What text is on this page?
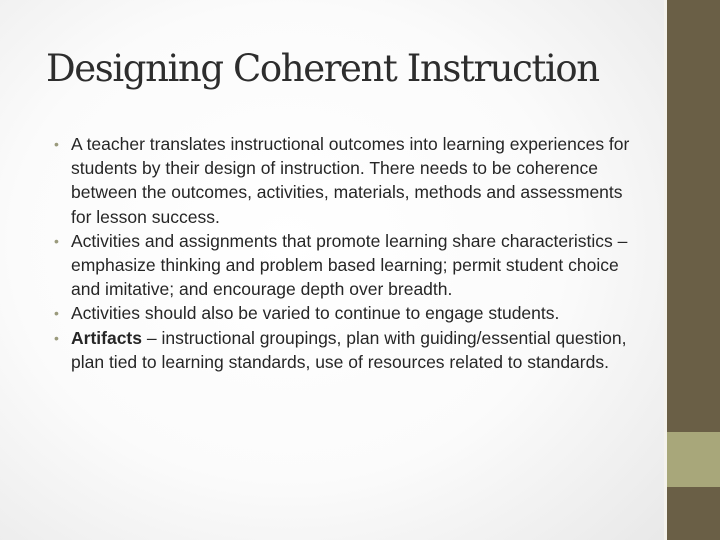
Designing Coherent Instruction
• A teacher translates instructional outcomes into learning experiences for students by their design of instruction. There needs to be coherence between the outcomes, activities, materials, methods and assessments for lesson success.
• Activities and assignments that promote learning share characteristics – emphasize thinking and problem based learning; permit student choice and imitative; and encourage depth over breadth.
• Activities should also be varied to continue to engage students.
• Artifacts – instructional groupings, plan with guiding/essential question, plan tied to learning standards, use of resources related to standards.
